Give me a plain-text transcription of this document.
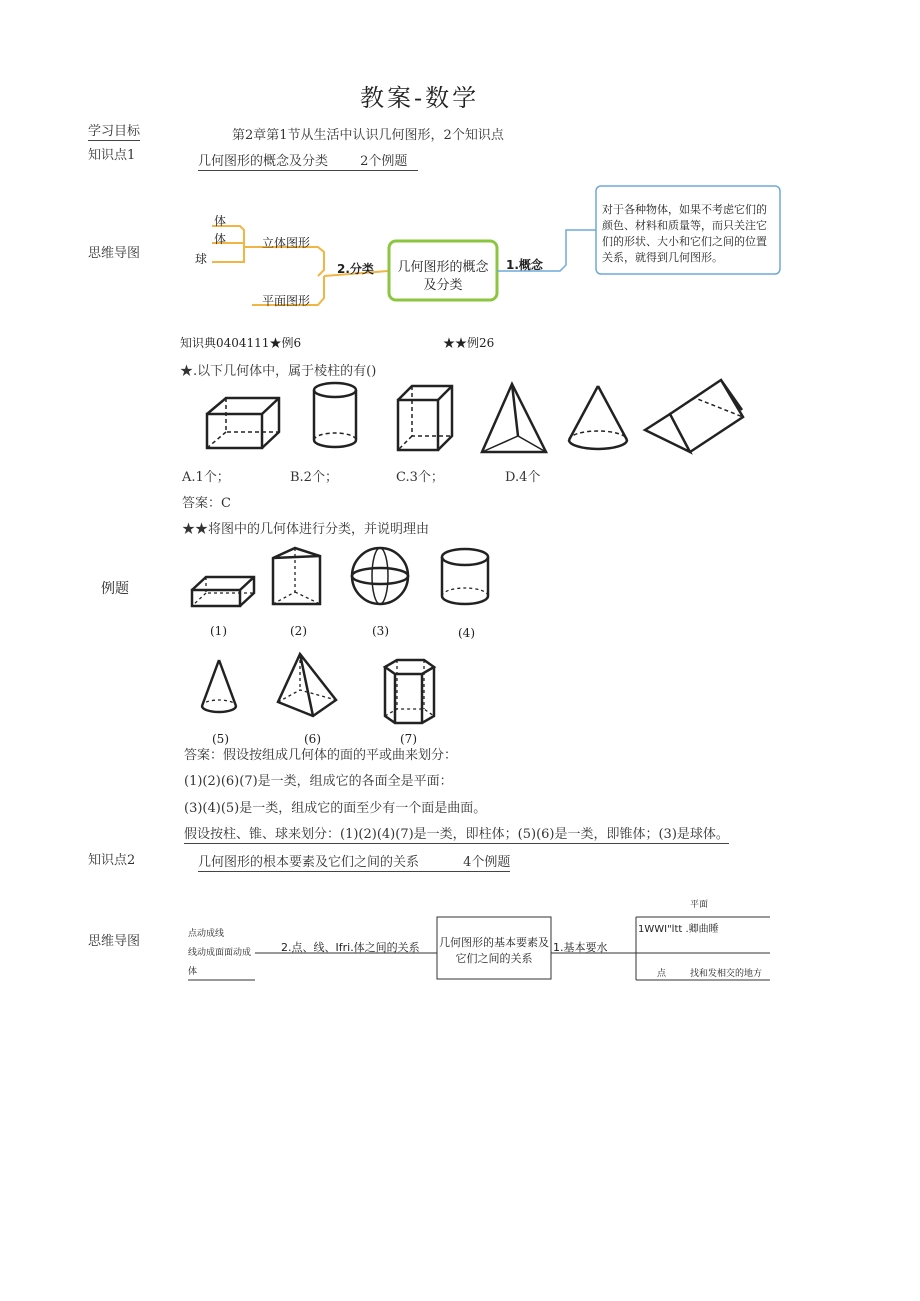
教案-数学
学习目标	第2章第1节从生活中认识几何图形，2个知识点
知识点1	几何图形的概念及分类 2个例题
思维导图
体
体
球
立体图形
平面图形
2.分类	几何图形的概念
及分类
1.概念
对于各种物体，如果不考虑它们的
颜色、材料和质量等，而只关注它
们的形状、大小和它们之间的位置
关系，就得到几何图形。
知识典0404111★例6	★★例26
★.以下几何体中，属于棱柱的有()
A.1个；	B.2个；	C.3个；	D.4个
答案：C
★★将图中的几何体进行分类，并说明理由
例题
(1)	(2)	(3)	(4)
(5)	(6)	(7)
答案：假设按组成几何体的面的平或曲来划分：
(1)(2)(6)(7)是一类，组成它的各面全是平面：
(3)(4)(5)是一类，组成它的面至少有一个面是曲面。
假设按柱、锥、球来划分：(1)(2)(4)(7)是一类，即柱体；(5)(6)是一类，即锥体；(3)是球体。
知识点2	几何图形的根本要素及它们之间的关系	4个例题
思维导图	点动成线
线动成面面动成
体
2.点、线、Ifri.体之间的关系 几何图形的基本要素及
它们之间的关系
1.基本要水
平面
1WWI"ltt .卿曲睡
点	找和发相交的地方
